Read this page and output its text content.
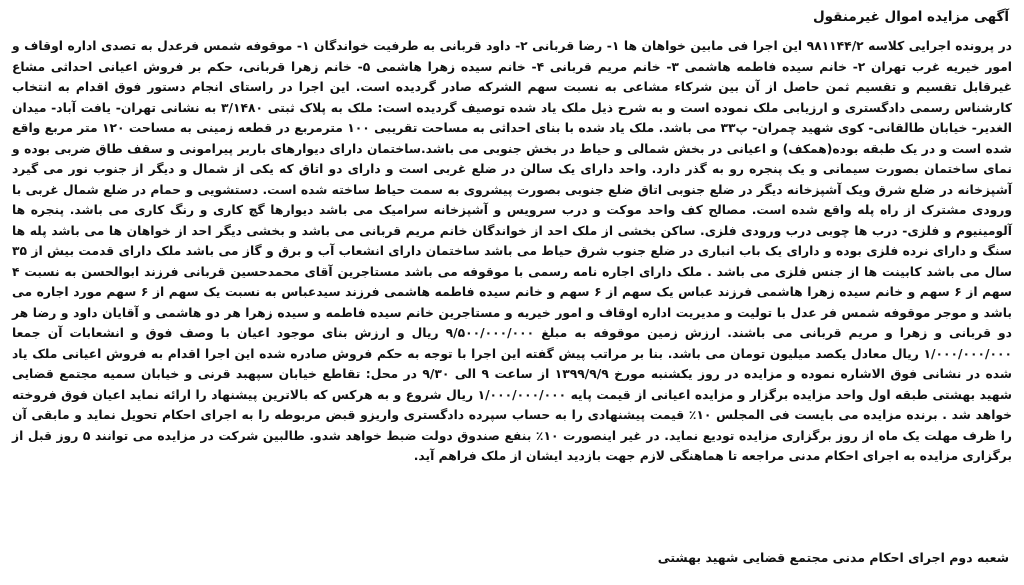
آگهی مزایده اموال غیرمنقول

در پرونده اجرایی کلاسه ۹۸۱۱۴۴/۲ این اجرا فی مابین خواهان ها ۱- رضا قربانی ۲- داود قربانی به طرفیت خواندگان ۱- موقوفه شمس فرعدل به تصدی اداره اوقاف و امور خیریه غرب تهران ۲- خانم سیده فاطمه هاشمی ۳- خانم مریم قربانی ۴- خانم سیده زهرا هاشمی ۵- خانم زهرا قربانی، حکم بر فروش اعیانی احداثی مشاع غیرقابل تقسیم و تقسیم ثمن حاصل از آن بین شرکاء مشاعی به نسبت سهم الشرکه صادر گردیده است. این اجرا در راستای انجام دستور فوق اقدام به انتخاب کارشناس رسمی دادگستری و ارزیابی ملک نموده است و به شرح ذیل ملک یاد شده توصیف گردیده است: ملک به پلاک ثبتی ۳/۱۴۸۰ به نشانی تهران- یافت آباد- میدان الغدیر- خیابان طالقانی- کوی شهید چمران- پ۳۳ می باشد. ملک یاد شده با بنای احداثی به مساحت تقریبی ۱۰۰ مترمربع در قطعه زمینی به مساحت ۱۲۰ متر مربع واقع شده است و در یک طبقه بوده(همکف) و اعیانی در بخش شمالی و حیاط در بخش جنوبی می باشد.ساختمان دارای دیوارهای باربر پیرامونی و سقف طاق ضربی بوده و نمای ساختمان بصورت سیمانی و یک پنجره رو به گذر دارد. واحد دارای یک سالن در ضلع غربی است و دارای دو اتاق که یکی از شمال و دیگر از جنوب نور می گیرد آشپزخانه در ضلع شرق ویک آشپزخانه دیگر در ضلع جنوبی اتاق ضلع جنوبی بصورت پیشروی به سمت حیاط ساخته شده است. دستشویی و حمام در ضلع شمال غربی با ورودی مشترک از راه پله واقع شده است. مصالح کف واحد موکت و درب سرویس و آشپزخانه سرامیک می باشد دیوارها گچ کاری و رنگ کاری می باشد. پنجره ها آلومینیوم و فلزی- درب ها چوبی درب ورودی فلزی. ساکن بخشی از ملک احد از خواندگان خانم مریم قربانی می باشد و بخشی دیگر احد از خواهان ها می باشد پله ها سنگ و دارای نرده فلزی بوده و دارای یک باب انباری در ضلع جنوب شرق حیاط می باشد ساختمان دارای انشعاب آب و برق و گاز می باشد ملک دارای قدمت بیش از ۳۵ سال می باشد کابینت ها از جنس فلزی می باشد . ملک دارای اجاره نامه رسمی با موقوفه می باشد مستاجرین آقای محمدحسین قربانی فرزند ابوالحسن به نسبت ۴ سهم از ۶ سهم و خانم سیده زهرا هاشمی فرزند عباس یک سهم از ۶ سهم و خانم سیده فاطمه هاشمی فرزند سیدعباس به نسبت یک سهم از ۶ سهم مورد اجاره می باشد و موجر موقوفه شمس فر عدل با تولیت و مدیریت اداره اوقاف و امور خیریه و مستاجرین خانم سیده فاطمه و سیده زهرا هر دو هاشمی و آقایان داود و رضا هر دو قربانی و زهرا و مریم قربانی می باشند. ارزش زمین موقوفه به مبلغ ۹/۵۰۰/۰۰۰/۰۰۰ ریال و ارزش بنای موجود اعیان با وصف فوق و انشعابات آن جمعا ۱/۰۰۰/۰۰۰/۰۰۰ ریال معادل یکصد میلیون تومان می باشد. بنا بر مراتب پیش گفته این اجرا با توجه به حکم فروش صادره شده این اجرا اقدام به فروش اعیانی ملک یاد شده در نشانی فوق الاشاره نموده و مزایده در روز یکشنبه مورخ ۱۳۹۹/۹/۹ از ساعت ۹ الی ۹/۳۰ در محل: تقاطع خیابان سپهبد قرنی و خیابان سمیه مجتمع قضایی شهید بهشتی طبقه اول واحد مزایده برگزار و مزایده اعیانی از قیمت پایه ۱/۰۰۰/۰۰۰/۰۰۰ ریال شروع و به هرکس که بالاترین پیشنهاد را ارائه نماید اعیان فوق فروخته خواهد شد . برنده مزایده می بایست فی المجلس ۱۰٪ قیمت پیشنهادی را به حساب سپرده دادگستری واریزو قبض مربوطه را به اجرای احکام تحویل نماید و مابقی آن را ظرف مهلت یک ماه از روز برگزاری مزایده تودیع نماید. در غیر اینصورت ۱۰٪ بنفع صندوق دولت ضبط خواهد شدو. طالبین شرکت در مزایده می توانند ۵ روز قبل از برگزاری مزایده به اجرای احکام مدنی مراجعه تا هماهنگی لازم جهت بازدید ایشان از ملک فراهم آید.

شعبه دوم اجرای احکام مدنی مجتمع قضایی شهید بهشتی
